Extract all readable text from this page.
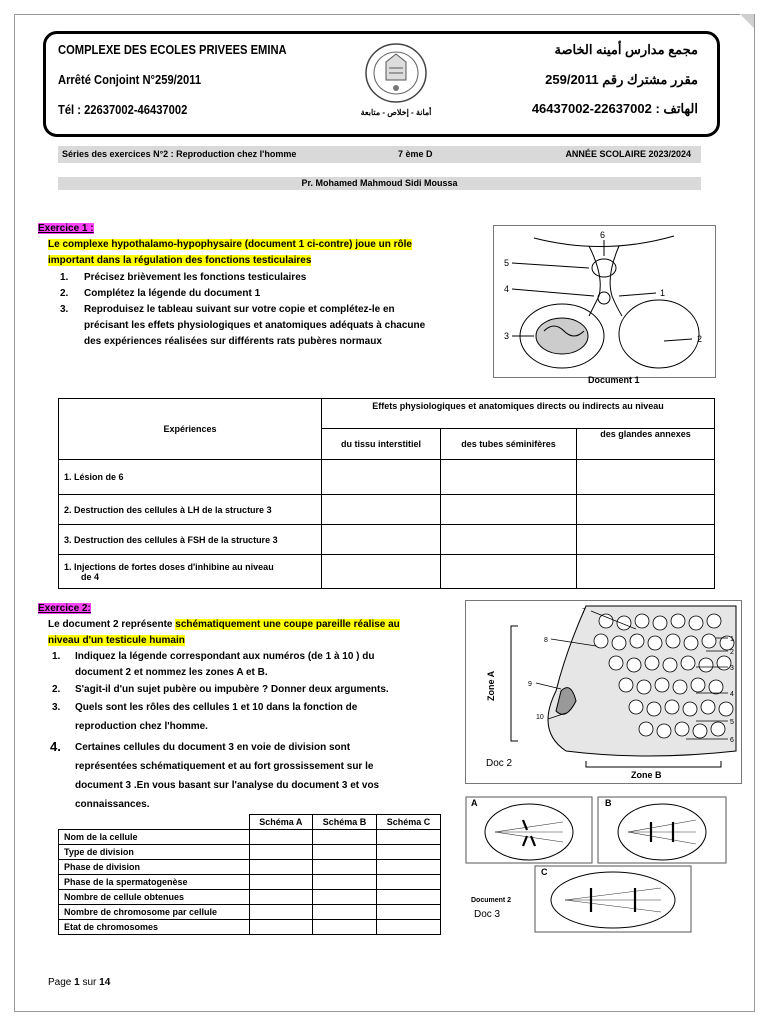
COMPLEXE DES ECOLES PRIVEES EMINA
Arrêté Conjoint N°259/2011
Tél : 22637002-46437002
مجمع مدارس أمينه الخاصة
مقرر مشترك رقم 259/2011
الهاتف : 22637002-46437002
أمانة - إخلاص - متابعة
Séries des exercices N°2 : Reproduction chez l'homme	7 ème D	ANNÉE SCOLAIRE 2023/2024
Pr. Mohamed Mahmoud Sidi Moussa
Exercice 1 :
Le complexe hypothalamo-hypophysaire (document 1 ci-contre) joue un rôle
important dans la régulation des fonctions testiculaires
1. Précisez brièvement les fonctions testiculaires
2. Complétez la légende du document 1
3. Reproduisez le tableau suivant sur votre copie et complétez-le en
précisant les effets physiologiques et anatomiques adéquats à chacune
des expériences réalisées sur différents rats pubères normaux
6
5
4	1
3	2
Document 1
Expériences	Effets physiologiques et anatomiques directs ou indirects au niveau		
	du tissu interstitiel	des tubes séminifères	des glandes annexes
1. Lésion de 6			
2. Destruction des cellules à LH de la structure 3			
3. Destruction des cellules à FSH de la structure 3			

1. Injections de fortes doses d'inhibine au niveau
de 4			

Exercice 2:
Le document 2 représente schématiquement une coupe pareille réalise au
niveau d'un testicule humain
1. Indiquez la légende correspondant aux numéros (de 1 à 10 ) du
document 2 et nommez les zones A et B.
2. S'agit-il d'un sujet pubère ou impubère ? Donner deux arguments.
3. Quels sont les rôles des cellules 1 et 10 dans la fonction de
reproduction chez l'homme.
4. Certaines cellules du document 3 en voie de division sont
représentées schématiquement et au fort grossissement sur le
document 3 .En vous basant sur l'analyse du document 3 et vos
connaissances.
7
8	1
2
3
9
4
10
5
6
Zone A
Doc 2
Zone B
	Schéma A	Schéma B	Schéma C
Nom de la cellule			
Type de division			
Phase de division			
Phase de la spermatogenèse			
Nombre de cellule obtenues			
Nombre de chromosome par cellule			
Etat de chromosomes			
A	B
C
Document 2
Doc 3
Page 1 sur 14
